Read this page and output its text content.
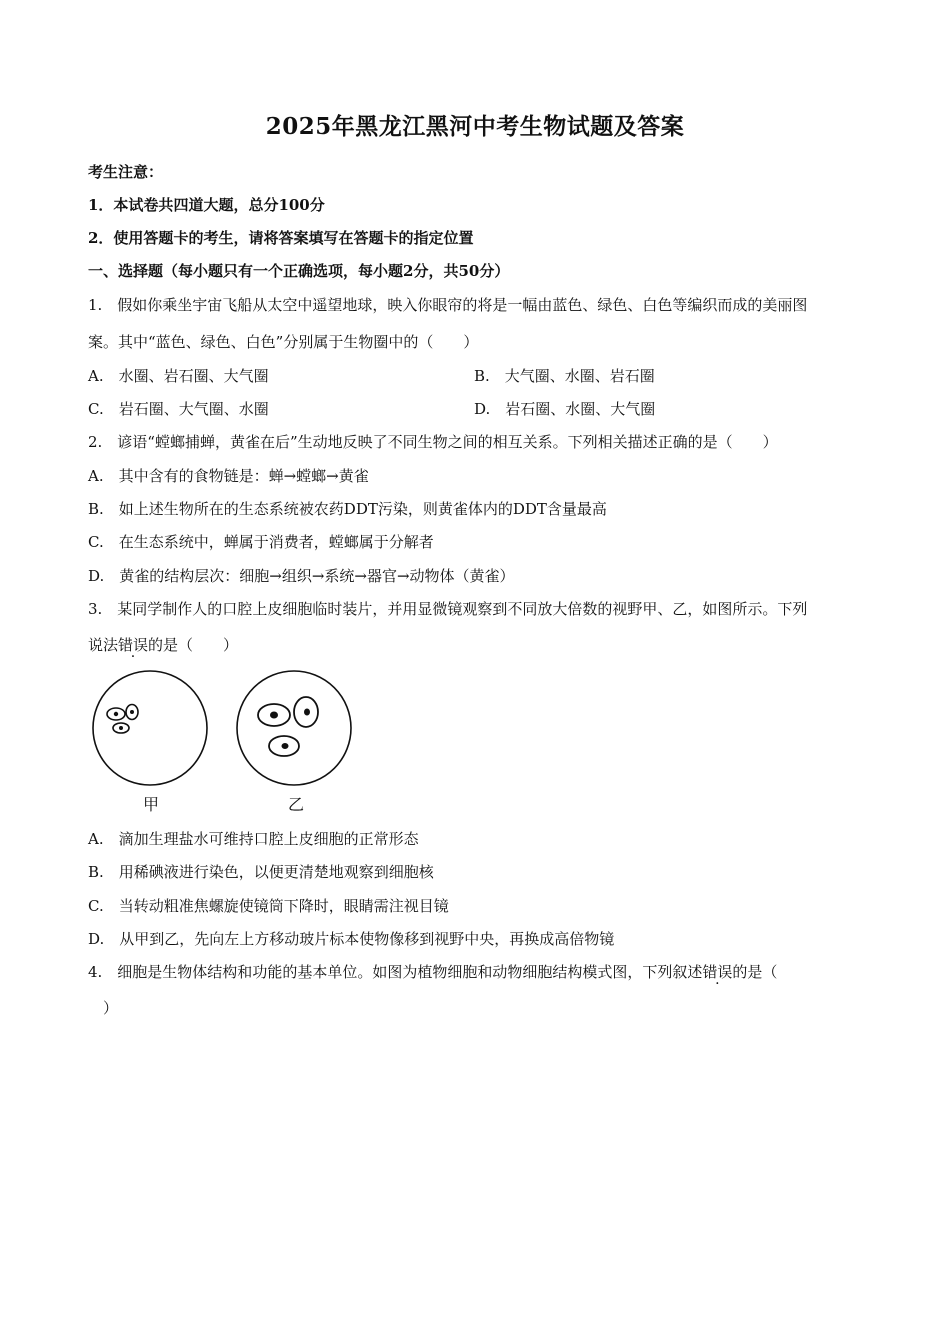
2025年黑龙江黑河中考生物试题及答案
考生注意：
1．本试卷共四道大题，总分100分
2．使用答题卡的考生，请将答案填写在答题卡的指定位置
一、选择题（每小题只有一个正确选项，每小题2分，共50分）
1.　假如你乘坐宇宙飞船从太空中遥望地球，映入你眼帘的将是一幅由蓝色、绿色、白色等编织而成的美丽图
案。其中“蓝色、绿色、白色”分别属于生物圈中的（　　）
A.　水圈、岩石圈、大气圈	B.　大气圈、水圈、岩石圈
C.　岩石圈、大气圈、水圈	D.　岩石圈、水圈、大气圈
2.　谚语“螳螂捕蝉，黄雀在后”生动地反映了不同生物之间的相互关系。下列相关描述正确的是（　　）
A.　其中含有的食物链是：蝉→螳螂→黄雀
B.　如上述生物所在的生态系统被农药DDT污染，则黄雀体内的DDT含量最高
C.　在生态系统中，蝉属于消费者，螳螂属于分解者
D.　黄雀的结构层次：细胞→组织→系统→器官→动物体（黄雀）
3.　某同学制作人的口腔上皮细胞临时装片，并用显微镜观察到不同放大倍数的视野甲、乙，如图所示。下列
说法错误的是（　　）
甲	乙
A.　滴加生理盐水可维持口腔上皮细胞的正常形态
B.　用稀碘液进行染色，以便更清楚地观察到细胞核
C.　当转动粗准焦螺旋使镜筒下降时，眼睛需注视目镜
D.　从甲到乙，先向左上方移动玻片标本使物像移到视野中央，再换成高倍物镜
4.　细胞是生物体结构和功能的基本单位。如图为植物细胞和动物细胞结构模式图，下列叙述错误的是（
　）
